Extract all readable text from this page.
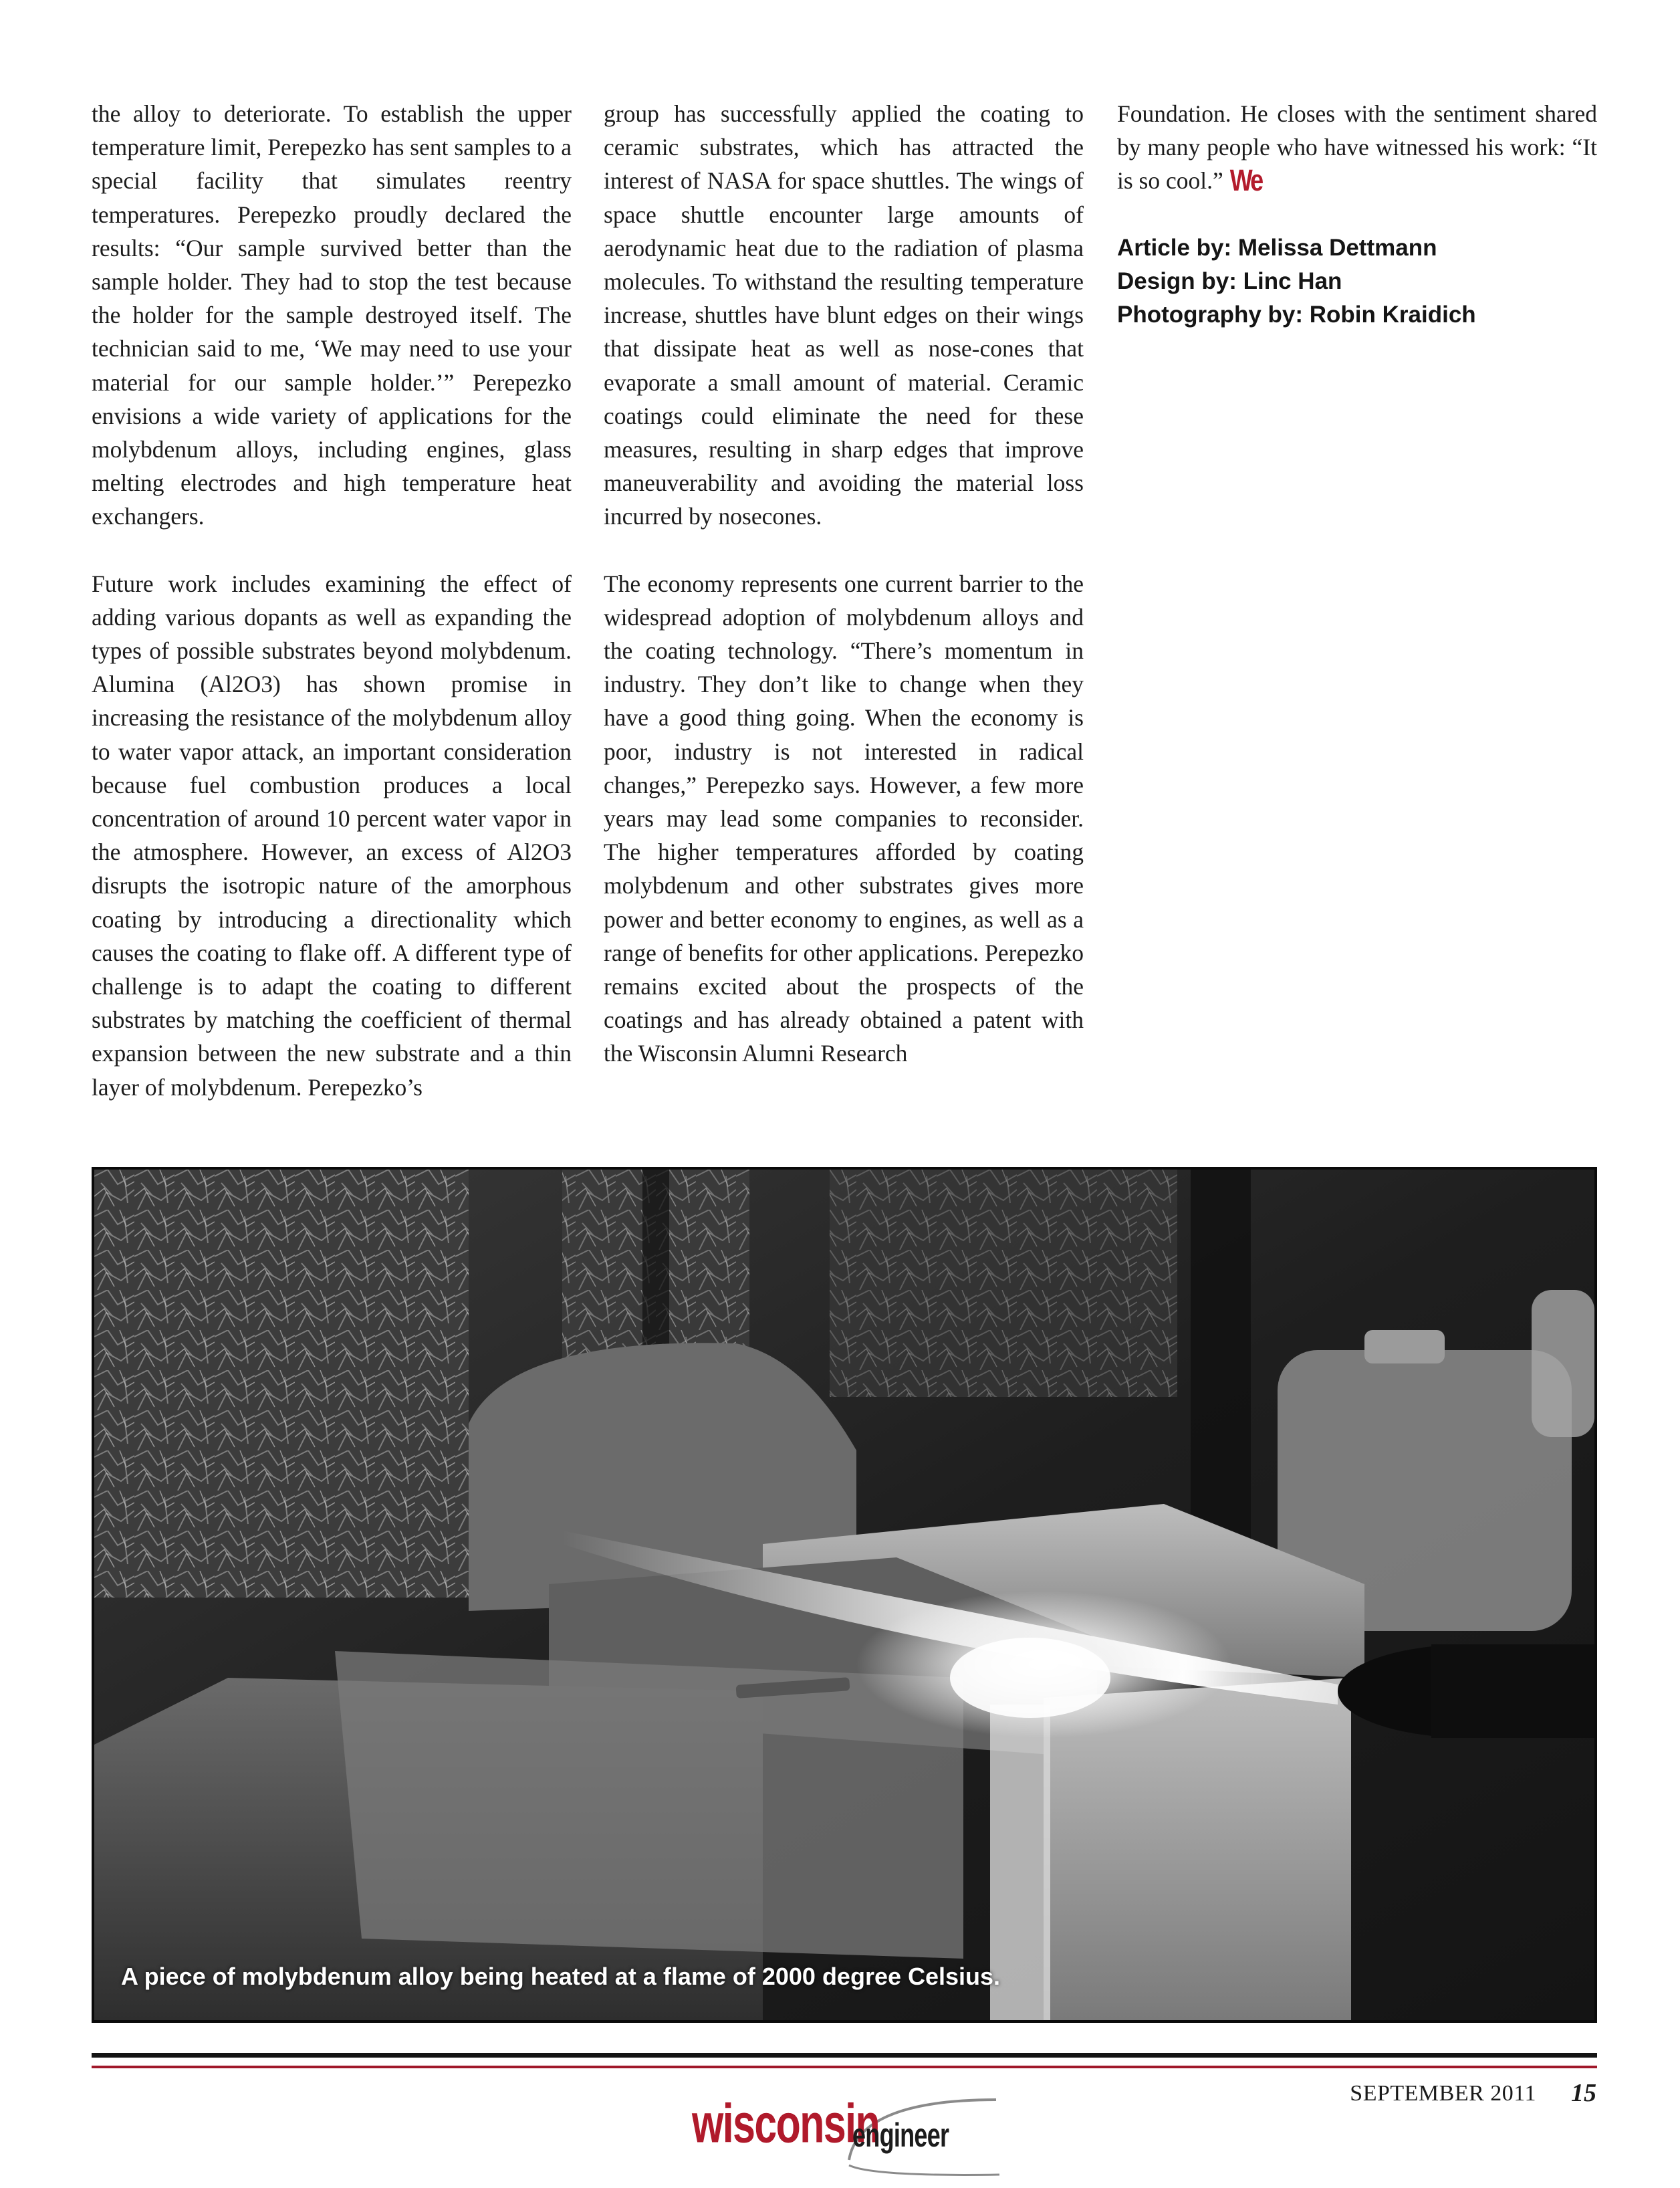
the alloy to deteriorate. To establish the upper temperature limit, Perepezko has sent samples to a special facility that simulates reentry temperatures. Perepezko proudly declared the results: “Our sample survived better than the sample holder. They had to stop the test because the holder for the sample destroyed itself. The technician said to me, ‘We may need to use your material for our sample holder.’” Perepezko envisions a wide variety of applications for the molybdenum alloys, including engines, glass melting electrodes and high temperature heat exchangers.

Future work includes examining the effect of adding various dopants as well as expanding the types of possible substrates beyond molybdenum. Alumina (Al2O3) has shown promise in increasing the resistance of the molybdenum alloy to water vapor attack, an important consideration because fuel combustion produces a local concentration of around 10 percent water vapor in the atmosphere. However, an excess of Al2O3 disrupts the isotropic nature of the amorphous coating by introducing a directionality which causes the coating to flake off. A different type of challenge is to adapt the coating to different substrates by matching the coefficient of thermal expansion between the new substrate and a thin layer of molybdenum. Perepezko’s

group has successfully applied the coating to ceramic substrates, which has attracted the interest of NASA for space shuttles. The wings of space shuttle encounter large amounts of aerodynamic heat due to the radiation of plasma molecules. To withstand the resulting temperature increase, shuttles have blunt edges on their wings that dissipate heat as well as nose-cones that evaporate a small amount of material. Ceramic coatings could eliminate the need for these measures, resulting in sharp edges that improve maneuverability and avoiding the material loss incurred by nosecones.

The economy represents one current barrier to the widespread adoption of molybdenum alloys and the coating technology. “There’s momentum in industry. They don’t like to change when they have a good thing going. When the economy is poor, industry is not interested in radical changes,” Perepezko says. However, a few more years may lead some companies to reconsider. The higher temperatures afforded by coating molybdenum and other substrates gives more power and better economy to engines, as well as a range of benefits for other applications. Perepezko remains excited about the prospects of the coatings and has already obtained a patent with the Wisconsin Alumni Research

Foundation. He closes with the sentiment shared by many people who have witnessed his work: “It is so cool.” We

Article by: Melissa Dettmann
Design by: Linc Han
Photography by: Robin Kraidich
A piece of molybdenum alloy being heated at a flame of 2000 degree Celsius.
wisconsin
engineer
SEPTEMBER 2011 15
